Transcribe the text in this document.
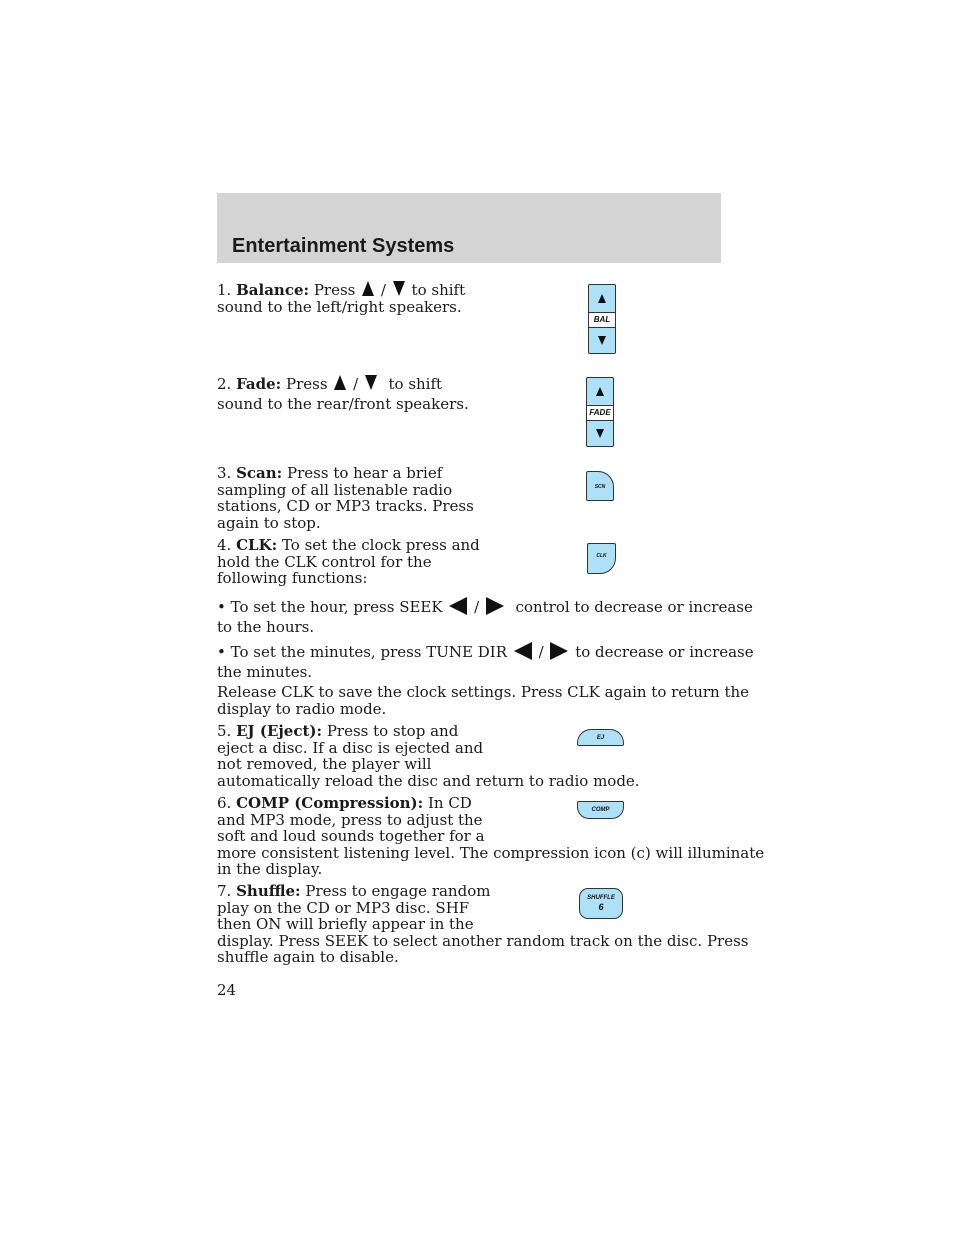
Entertainment Systems

1. Balance: Press / to shift
sound to the left/right speakers.

BAL

2. Fade: Press / to shift
sound to the rear/front speakers.	FADE

3. Scan: Press to hear a brief
sampling of all listenable radio
stations, CD or MP3 tracks. Press
again to stop.

SCN

4. CLK: To set the clock press and
hold the CLK control for the
following functions:

CLK

• To set the hour, press SEEK / control to decrease or increase
to the hours.

• To set the minutes, press TUNE DIR / to decrease or increase
the minutes.

Release CLK to save the clock settings. Press CLK again to return the
display to radio mode.

5. EJ (Eject): Press to stop and
eject a disc. If a disc is ejected and
not removed, the player will
automatically reload the disc and return to radio mode.

EJ

6. COMP (Compression): In CD
and MP3 mode, press to adjust the
soft and loud sounds together for a
more consistent listening level. The compression icon (c) will illuminate
in the display.

COMP

7. Shuffle: Press to engage random
play on the CD or MP3 disc. SHF
then ON will briefly appear in the
display. Press SEEK to select another random track on the disc. Press
shuffle again to disable.

SHUFFLE
6

24
